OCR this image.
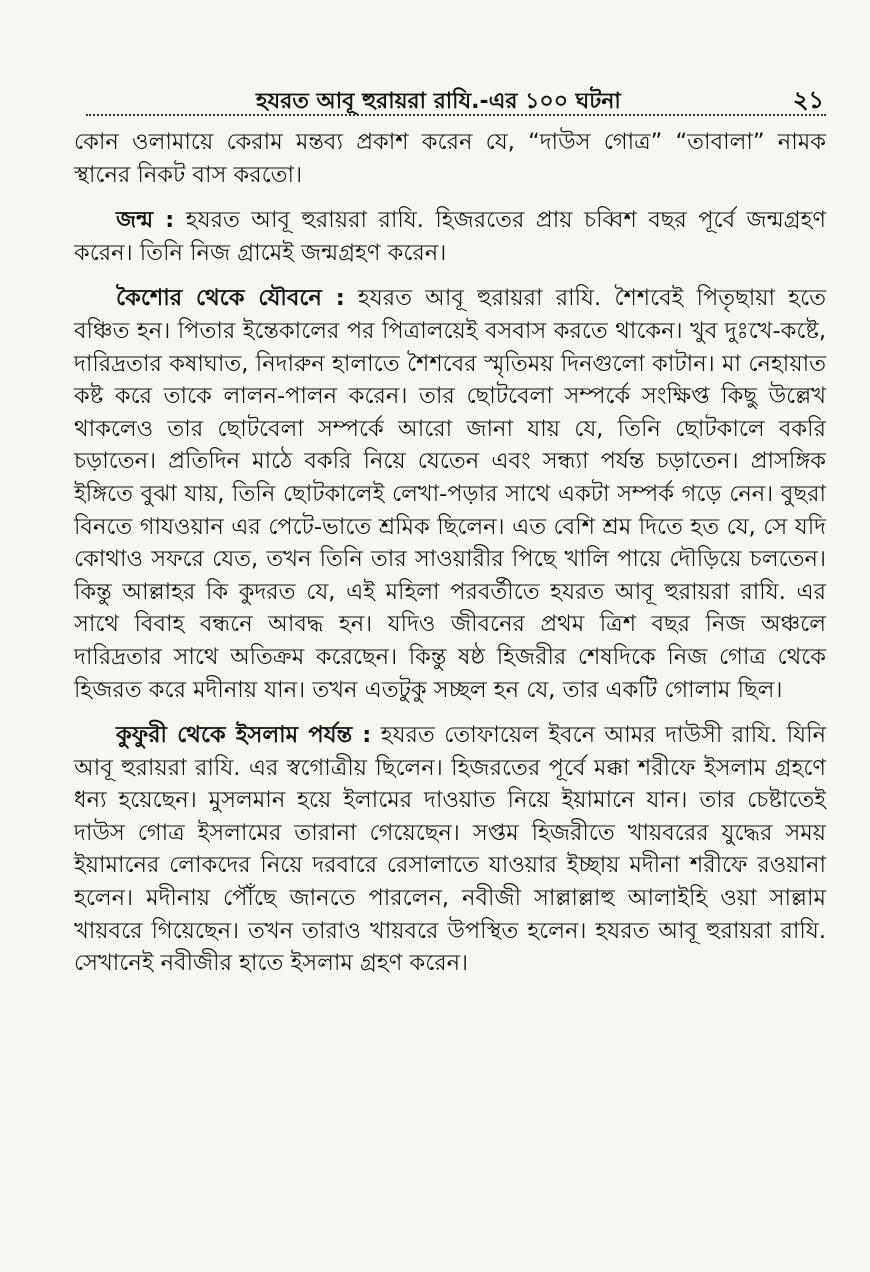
হযরত আবূ হুরায়রা রাযি.-এর ১০০ ঘটনা	২১

কোন ওলামায়ে কেরাম মন্তব্য প্রকাশ করেন যে, “দাউস গোত্র” “তাবালা” নামক স্থানের নিকট বাস করতো।

জন্ম : হযরত আবূ হুরায়রা রাযি. হিজরতের প্রায় চব্বিশ বছর পূর্বে জন্মগ্রহণ করেন। তিনি নিজ গ্রামেই জন্মগ্রহণ করেন।

কৈশোর থেকে যৌবনে : হযরত আবূ হুরায়রা রাযি. শৈশবেই পিতৃছায়া হতে বঞ্চিত হন। পিতার ইন্তেকালের পর পিত্রালয়েই বসবাস করতে থাকেন। খুব দুঃখে-কষ্টে, দারিদ্রতার কষাঘাত, নিদারুন হালাতে শৈশবের স্মৃতিময় দিনগুলো কাটান। মা নেহায়াত কষ্ট করে তাকে লালন-পালন করেন। তার ছোটবেলা সম্পর্কে সংক্ষিপ্ত কিছু উল্লেখ থাকলেও তার ছোটবেলা সম্পর্কে আরো জানা যায় যে, তিনি ছোটকালে বকরি চড়াতেন। প্রতিদিন মাঠে বকরি নিয়ে যেতেন এবং সন্ধ্যা পর্যন্ত চড়াতেন। প্রাসঙ্গিক ইঙ্গিতে বুঝা যায়, তিনি ছোটকালেই লেখা-পড়ার সাথে একটা সম্পর্ক গড়ে নেন। বুছরা বিনতে গাযওয়ান এর পেটে-ভাতে শ্রমিক ছিলেন। এত বেশি শ্রম দিতে হত যে, সে যদি কোথাও সফরে যেত, তখন তিনি তার সাওয়ারীর পিছে খালি পায়ে দৌড়িয়ে চলতেন। কিন্তু আল্লাহর কি কুদরত যে, এই মহিলা পরবর্তীতে হযরত আবূ হুরায়রা রাযি. এর সাথে বিবাহ বন্ধনে আবদ্ধ হন। যদিও জীবনের প্রথম ত্রিশ বছর নিজ অঞ্চলে দারিদ্রতার সাথে অতিক্রম করেছেন। কিন্তু ষষ্ঠ হিজরীর শেষদিকে নিজ গোত্র থেকে হিজরত করে মদীনায় যান। তখন এতটুকু সচ্ছল হন যে, তার একটি গোলাম ছিল।

কুফুরী থেকে ইসলাম পর্যন্ত : হযরত তোফায়েল ইবনে আমর দাউসী রাযি. যিনি আবূ হুরায়রা রাযি. এর স্বগোত্রীয় ছিলেন। হিজরতের পূর্বে মক্কা শরীফে ইসলাম গ্রহণে ধন্য হয়েছেন। মুসলমান হয়ে ইলামের দাওয়াত নিয়ে ইয়ামানে যান। তার চেষ্টাতেই দাউস গোত্র ইসলামের তারানা গেয়েছেন। সপ্তম হিজরীতে খায়বরের যুদ্ধের সময় ইয়ামানের লোকদের নিয়ে দরবারে রেসালাতে যাওয়ার ইচ্ছায় মদীনা শরীফে রওয়ানা হলেন। মদীনায় পৌঁছে জানতে পারলেন, নবীজী সাল্লাল্লাহু আলাইহি ওয়া সাল্লাম খায়বরে গিয়েছেন। তখন তারাও খায়বরে উপস্থিত হলেন। হযরত আবূ হুরায়রা রাযি. সেখানেই নবীজীর হাতে ইসলাম গ্রহণ করেন।
